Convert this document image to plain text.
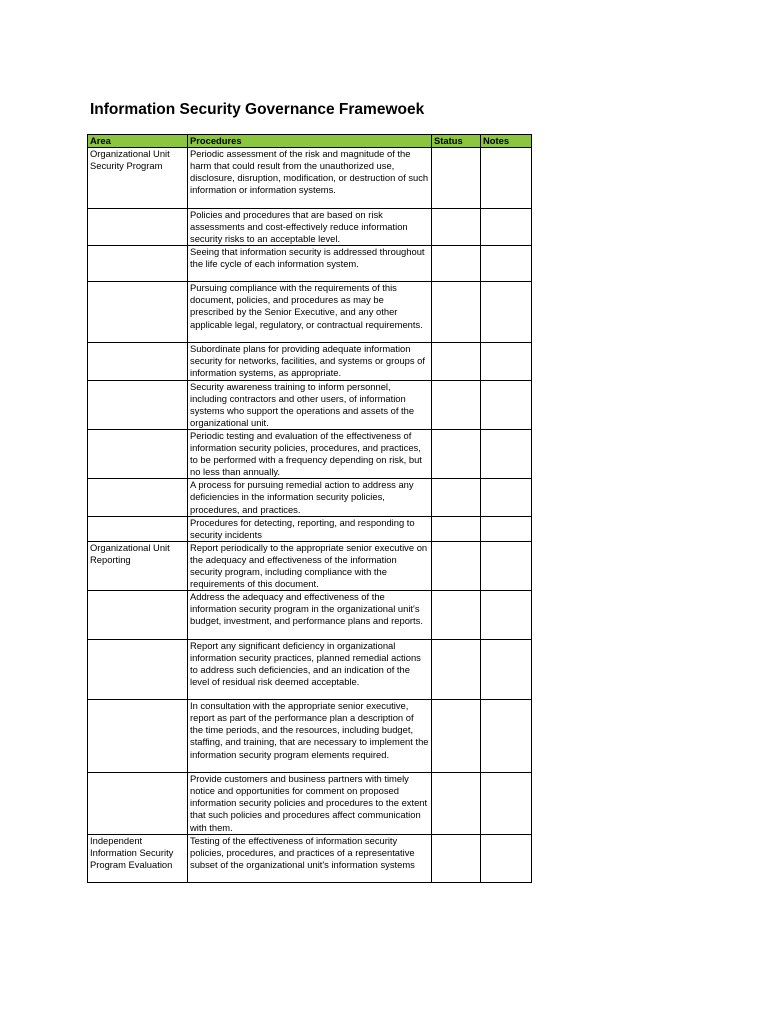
Information Security Governance Framewoek
Area	Procedures	Status	Notes
Organizational Unit Security Program	Periodic assessment of the risk and magnitude of the harm that could result from the unauthorized use, disclosure, disruption, modification, or destruction of such information or information systems.		
	Policies and procedures that are based on risk assessments and cost-effectively reduce information security risks to an acceptable level.		
	Seeing that information security is addressed throughout the life cycle of each information system.		
	Pursuing compliance with the requirements of this document, policies, and procedures as may be prescribed by the Senior Executive, and any other applicable legal, regulatory, or contractual requirements.		
	Subordinate plans for providing adequate information security for networks, facilities, and systems or groups of information systems, as appropriate.		
	Security awareness training to inform personnel, including contractors and other users, of information systems who support the operations and assets of the organizational unit.		
	Periodic testing and evaluation of the effectiveness of information security policies, procedures, and practices, to be performed with a frequency depending on risk, but no less than annually.		
	A process for pursuing remedial action to address any deficiencies in the information security policies, procedures, and practices.		
	Procedures for detecting, reporting, and responding to security incidents		
Organizational Unit Reporting	Report periodically to the appropriate senior executive on the adequacy and effectiveness of the information security program, including compliance with the requirements of this document.		
	Address the adequacy and effectiveness of the information security program in the organizational unit's budget, investment, and performance plans and reports.		
	Report any significant deficiency in organizational information security practices, planned remedial actions to address such deficiencies, and an indication of the level of residual risk deemed acceptable.		
	In consultation with the appropriate senior executive, report as part of the performance plan a description of the time periods, and the resources, including budget, staffing, and training, that are necessary to implement the information security program elements required.		
	Provide customers and business partners with timely notice and opportunities for comment on proposed information security policies and procedures to the extent that such policies and procedures affect communication with them.		
Independent Information Security Program Evaluation	Testing of the effectiveness of information security policies, procedures, and practices of a representative subset of the organizational unit's information systems		
